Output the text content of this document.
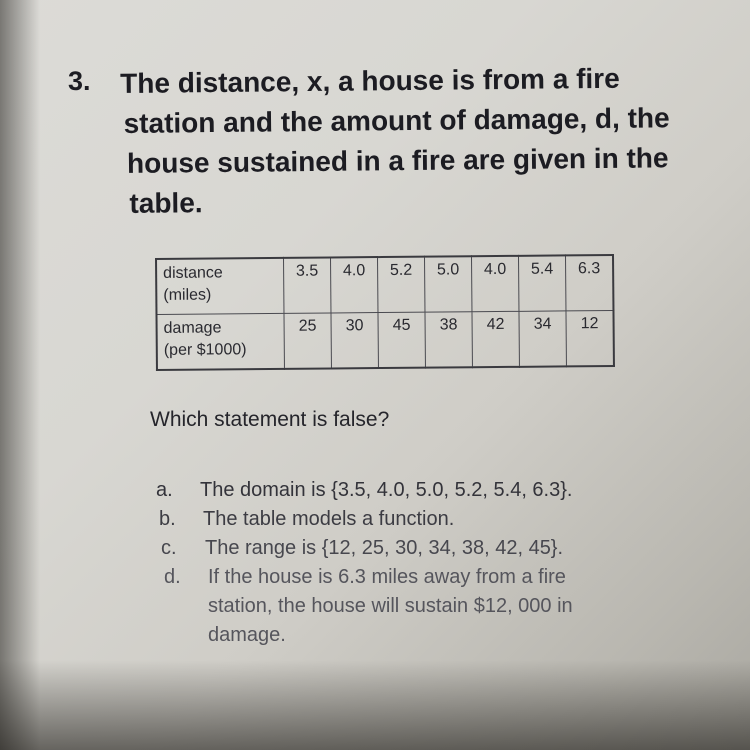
3. The distance, x, a house is from a fire
station and the amount of damage, d, the
house sustained in a fire are given in the
table.
distance
(miles)	3.5	4.0	5.2	5.0	4.0	5.4	6.3

damage
(per $1000)	25	30	45	38	42	34	12
Which statement is false?
a. The domain is {3.5, 4.0, 5.0, 5.2, 5.4, 6.3}.
b. The table models a function.
c. The range is {12, 25, 30, 34, 38, 42, 45}.
d. If the house is 6.3 miles away from a fire station, the house will sustain $12, 000 in damage.
